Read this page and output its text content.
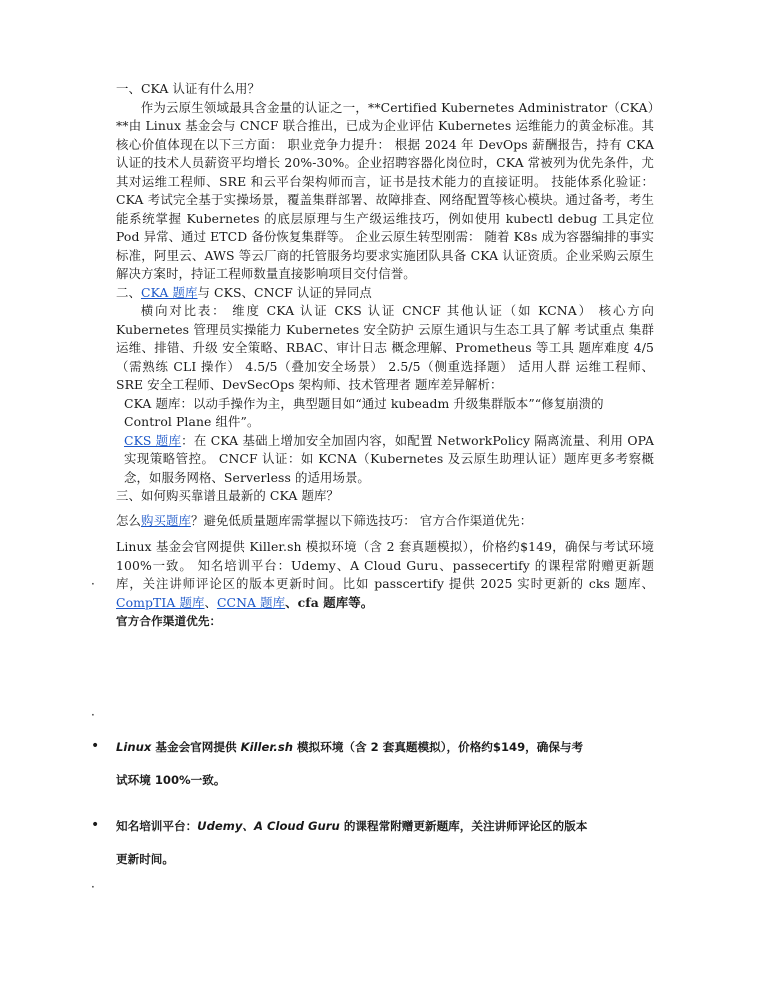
一、CKA 认证有什么用？

作为云原生领域最具含金量的认证之一，**Certified Kubernetes Administrator（CKA）**由 Linux 基金会与 CNCF 联合推出，已成为企业评估 Kubernetes 运维能力的黄金标准。其核心价值体现在以下三方面： 职业竞争力提升： 根据 2024 年 DevOps 薪酬报告，持有 CKA 认证的技术人员薪资平均增长 20%-30%。企业招聘容器化岗位时，CKA 常被列为优先条件，尤其对运维工程师、SRE 和云平台架构师而言，证书是技术能力的直接证明。 技能体系化验证： CKA 考试完全基于实操场景，覆盖集群部署、故障排查、网络配置等核心模块。通过备考，考生能系统掌握 Kubernetes 的底层原理与生产级运维技巧，例如使用 kubectl debug 工具定位 Pod 异常、通过 ETCD 备份恢复集群等。 企业云原生转型刚需： 随着 K8s 成为容器编排的事实标准，阿里云、AWS 等云厂商的托管服务均要求实施团队具备 CKA 认证资质。企业采购云原生解决方案时，持证工程师数量直接影响项目交付信誉。

二、CKA 题库与 CKS、CNCF 认证的异同点

横向对比表： 维度 CKA 认证 CKS 认证 CNCF 其他认证（如 KCNA） 核心方向 Kubernetes 管理员实操能力 Kubernetes 安全防护 云原生通识与生态工具了解 考试重点 集群运维、排错、升级 安全策略、RBAC、审计日志 概念理解、Prometheus 等工具 题库难度 4/5（需熟练 CLI 操作） 4.5/5（叠加安全场景） 2.5/5（侧重选择题） 适用人群 运维工程师、SRE 安全工程师、DevSecOps 架构师、技术管理者 题库差异解析：

CKA 题库：以动手操作为主，典型题目如“通过 kubeadm 升级集群版本”“修复崩溃的 Control Plane 组件”。

CKS 题库：在 CKA 基础上增加安全加固内容，如配置 NetworkPolicy 隔离流量、利用 OPA 实现策略管控。 CNCF 认证：如 KCNA（Kubernetes 及云原生助理认证）题库更多考察概念，如服务网格、Serverless 的适用场景。

三、如何购买靠谱且最新的 CKA 题库？

怎么购买题库？避免低质量题库需掌握以下筛选技巧： 官方合作渠道优先：

Linux 基金会官网提供 Killer.sh 模拟环境（含 2 套真题模拟），价格约$149，确保与考试环境 100%一致。 知名培训平台：Udemy、A Cloud Guru、passecertify 的课程常附赠更新题库，关注讲师评论区的版本更新时间。比如 passcertify 提供 2025 实时更新的 cks 题库、CompTIA 题库、CCNA 题库、cfa 题库等。

官方合作渠道优先：

·
·
• Linux 基金会官网提供 Killer.sh 模拟环境（含 2 套真题模拟），价格约$149，确保与考
试环境 100%一致。
• 知名培训平台：Udemy、A Cloud Guru 的课程常附赠更新题库，关注讲师评论区的版本
更新时间。
·
